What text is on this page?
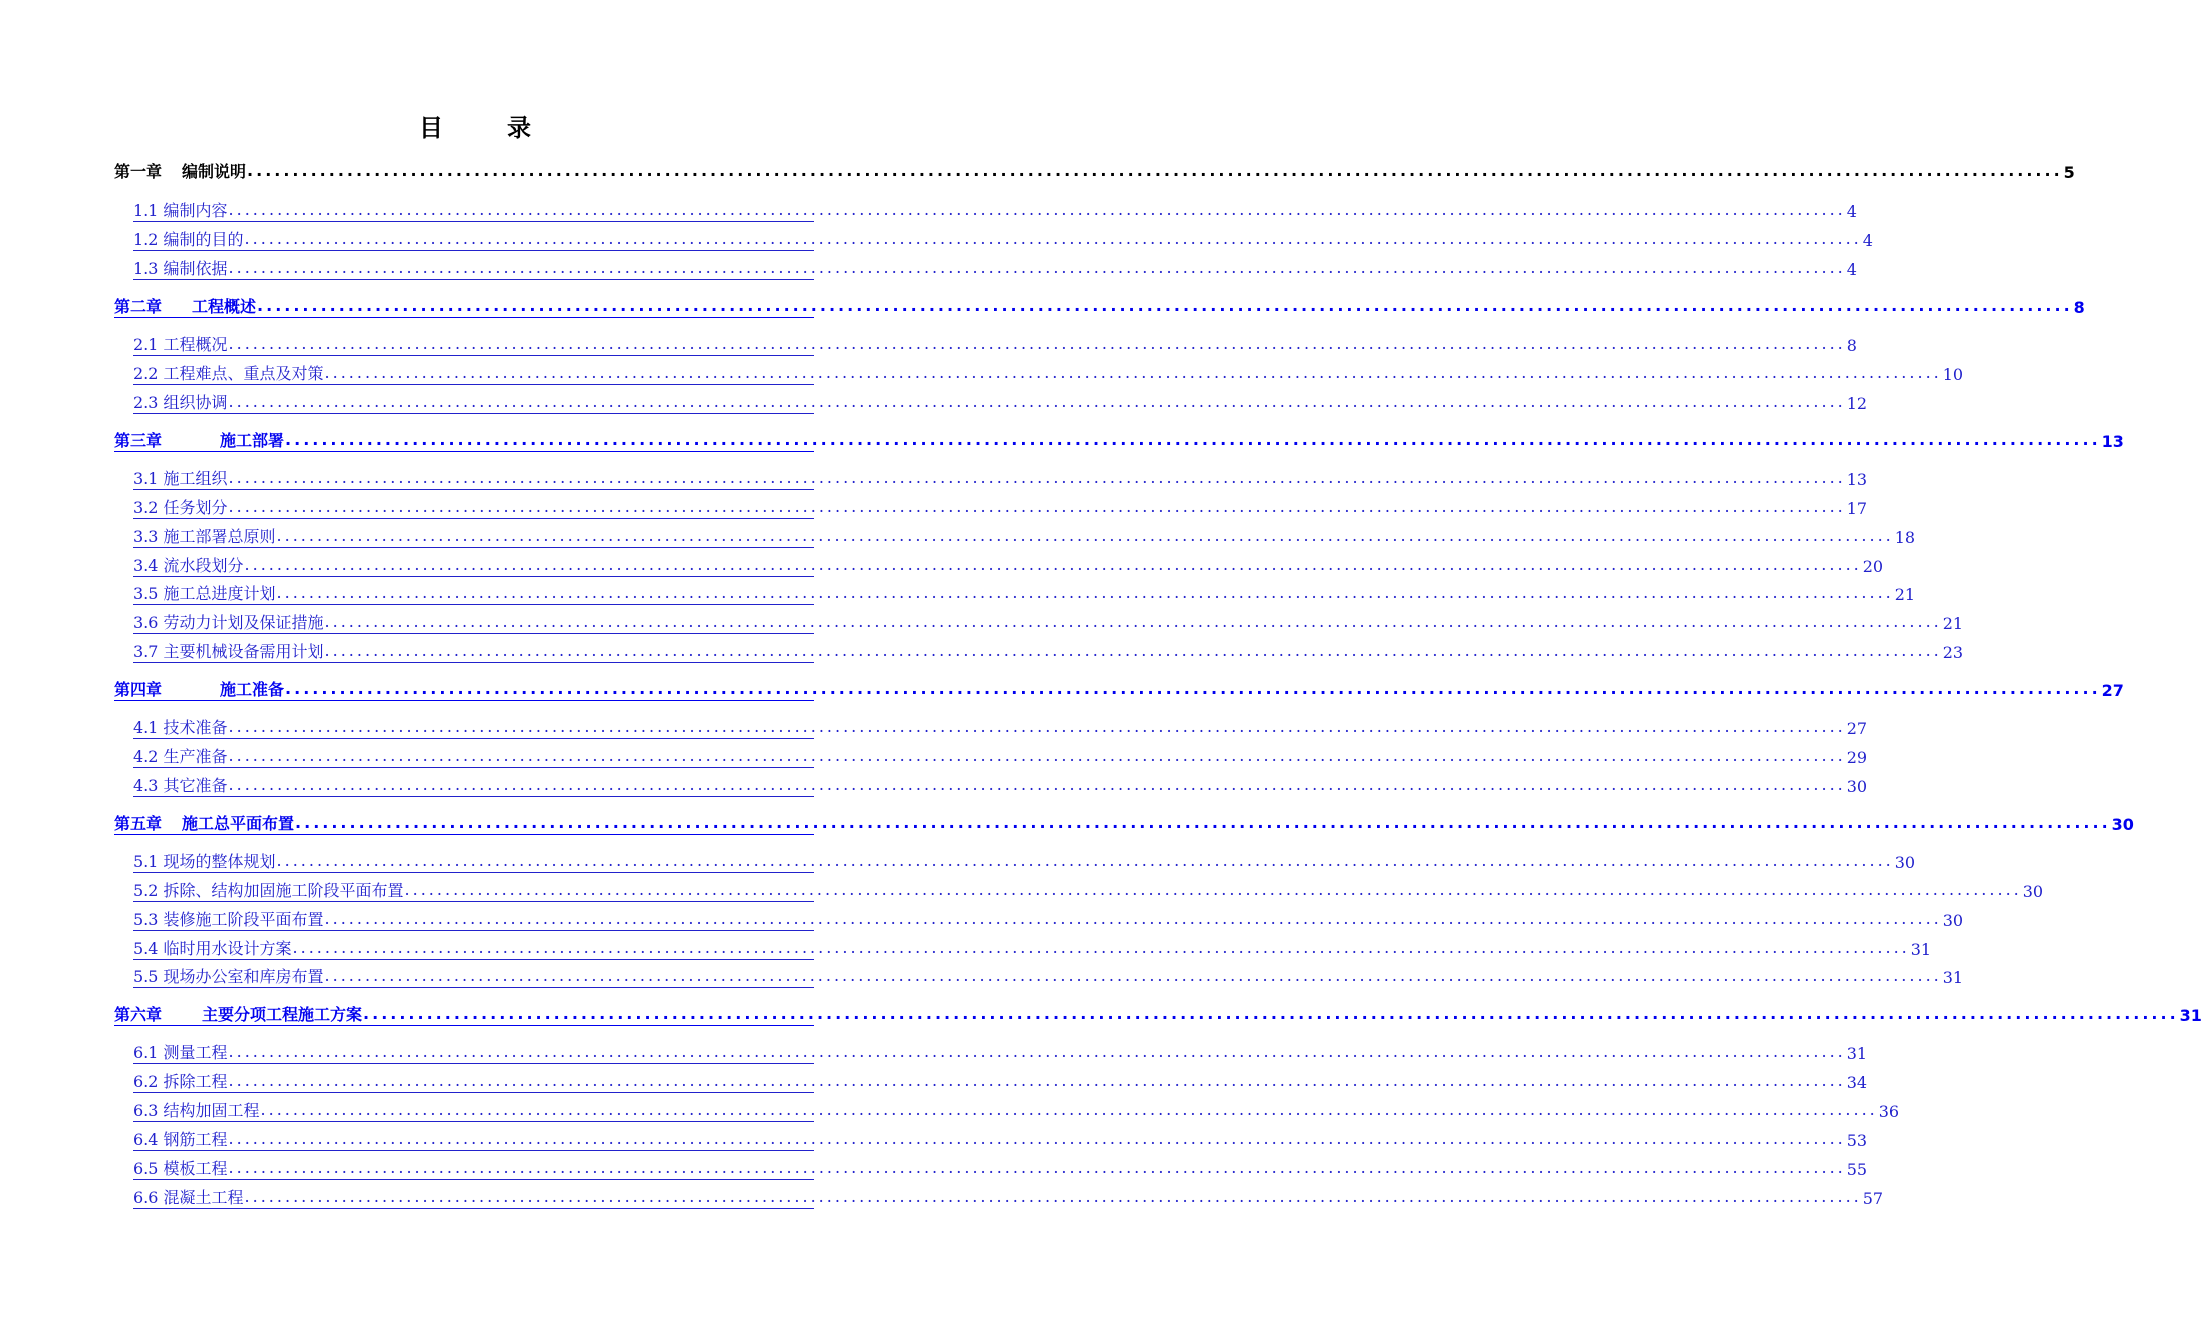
目	录
第一章 编制说明 ........................................................................................................................................................................................................ 5
1.1 编制内容 ........................................................................................................................................................................................................ 4
1.2 编制的目的 ........................................................................................................................................................................................................ 4
1.3 编制依据 ........................................................................................................................................................................................................ 4
第二章 工程概述 ........................................................................................................................................................................................................ 8
2.1 工程概况 ........................................................................................................................................................................................................ 8
2.2 工程难点、重点及对策 ........................................................................................................................................................................................................ 10
2.3 组织协调 ........................................................................................................................................................................................................ 12
第三章	施工部署 ........................................................................................................................................................................................................ 13
3.1 施工组织 ........................................................................................................................................................................................................ 13
3.2 任务划分 ........................................................................................................................................................................................................ 17
3.3 施工部署总原则 ........................................................................................................................................................................................................ 18
3.4 流水段划分 ........................................................................................................................................................................................................ 20
3.5 施工总进度计划 ........................................................................................................................................................................................................ 21
3.6 劳动力计划及保证措施 ........................................................................................................................................................................................................ 21
3.7 主要机械设备需用计划 ........................................................................................................................................................................................................ 23
第四章	施工准备 ........................................................................................................................................................................................................ 27
4.1 技术准备 ........................................................................................................................................................................................................ 27
4.2 生产准备 ........................................................................................................................................................................................................ 29
4.3 其它准备 ........................................................................................................................................................................................................ 30
第五章 施工总平面布置 ........................................................................................................................................................................................................ 30
5.1 现场的整体规划 ........................................................................................................................................................................................................ 30
5.2 拆除、结构加固施工阶段平面布置 ........................................................................................................................................................................................................ 30
5.3 装修施工阶段平面布置 ........................................................................................................................................................................................................ 30
5.4 临时用水设计方案 ........................................................................................................................................................................................................ 31
5.5 现场办公室和库房布置 ........................................................................................................................................................................................................ 31
第六章	主要分项工程施工方案 ........................................................................................................................................................................................................ 31
6.1 测量工程 ........................................................................................................................................................................................................ 31
6.2 拆除工程 ........................................................................................................................................................................................................ 34
6.3 结构加固工程 ........................................................................................................................................................................................................ 36
6.4 钢筋工程 ........................................................................................................................................................................................................ 53
6.5 模板工程 ........................................................................................................................................................................................................ 55
6.6 混凝土工程 ........................................................................................................................................................................................................ 57
